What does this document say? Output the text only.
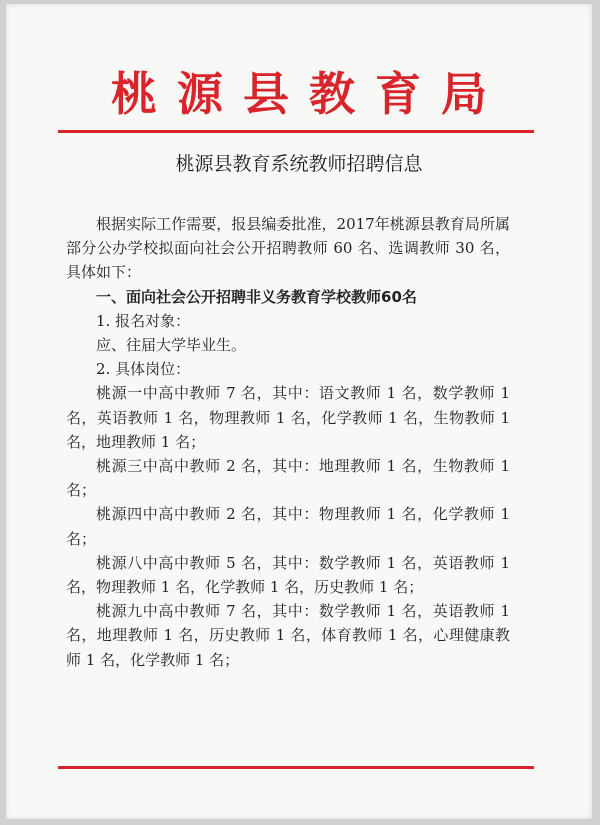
桃源县教育局
桃源县教育系统教师招聘信息

根据实际工作需要，报县编委批准，2017年桃源县教育局所属部分公办学校拟面向社会公开招聘教师 60 名、选调教师 30 名，具体如下：

一、面向社会公开招聘非义务教育学校教师60名

1. 报名对象：

应、往届大学毕业生。

2. 具体岗位：

桃源一中高中教师 7 名，其中：语文教师 1 名，数学教师 1 名，英语教师 1 名，物理教师 1 名，化学教师 1 名，生物教师 1 名，地理教师 1 名；

桃源三中高中教师 2 名，其中：地理教师 1 名，生物教师 1 名；

桃源四中高中教师 2 名，其中：物理教师 1 名，化学教师 1 名；

桃源八中高中教师 5 名，其中：数学教师 1 名，英语教师 1 名，物理教师 1 名，化学教师 1 名，历史教师 1 名；

桃源九中高中教师 7 名，其中：数学教师 1 名，英语教师 1 名，地理教师 1 名，历史教师 1 名，体育教师 1 名，心理健康教师 1 名，化学教师 1 名；
